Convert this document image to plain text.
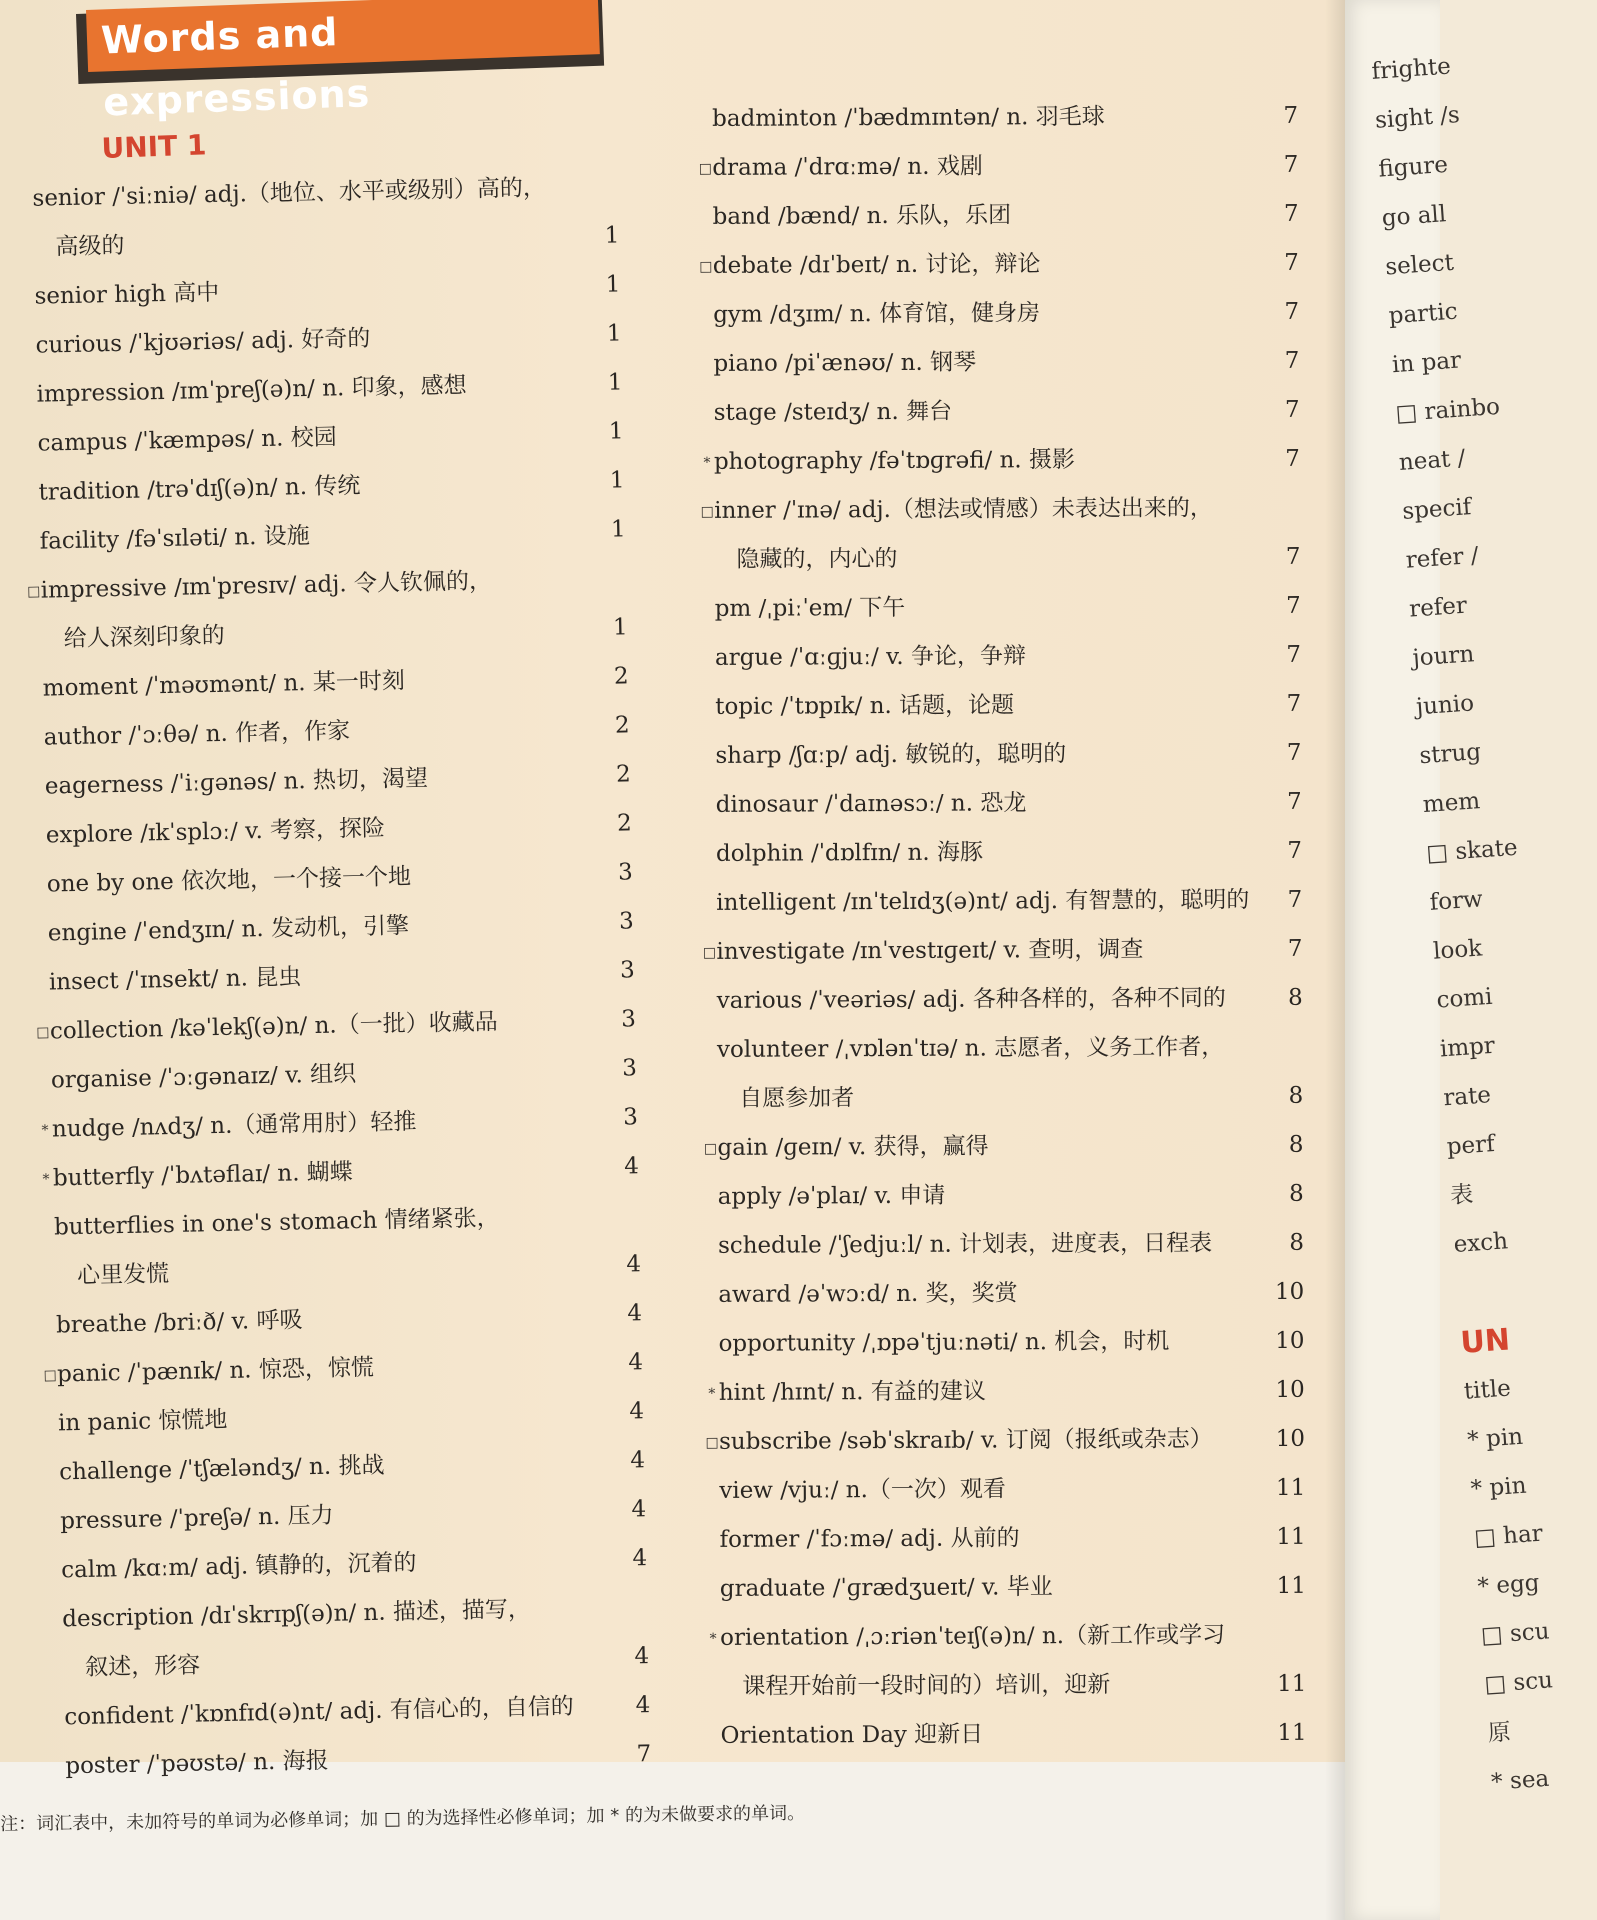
Words and expressions
UNIT 1
senior /ˈsiːniə/ adj.（地位、水平或级别）高的，
高级的	1
senior high 高中	1
curious /ˈkjʊəriəs/ adj. 好奇的	1
impression /ɪmˈpreʃ(ə)n/ n. 印象，感想	1
campus /ˈkæmpəs/ n. 校园	1
tradition /trəˈdɪʃ(ə)n/ n. 传统	1
facility /fəˈsɪləti/ n. 设施	1
□impressive /ɪmˈpresɪv/ adj. 令人钦佩的，
给人深刻印象的	1
moment /ˈməʊmənt/ n. 某一时刻	2
author /ˈɔːθə/ n. 作者，作家	2
eagerness /ˈiːɡənəs/ n. 热切，渴望	2
explore /ɪkˈsplɔː/ v. 考察，探险	2
one by one 依次地，一个接一个地	3
engine /ˈendʒɪn/ n. 发动机，引擎	3
insect /ˈɪnsekt/ n. 昆虫	3
□collection /kəˈlekʃ(ə)n/ n.（一批）收藏品	3
organise /ˈɔːɡənaɪz/ v. 组织	3
* nudge /nʌdʒ/ n.（通常用肘）轻推	3
* butterfly /ˈbʌtəflaɪ/ n. 蝴蝶	4
butterflies in one's stomach 情绪紧张，
心里发慌	4
breathe /briːð/ v. 呼吸	4
□panic /ˈpænɪk/ n. 惊恐，惊慌	4
in panic 惊慌地	4
challenge /ˈtʃæləndʒ/ n. 挑战	4
pressure /ˈpreʃə/ n. 压力	4
calm /kɑːm/ adj. 镇静的，沉着的	4
description /dɪˈskrɪpʃ(ə)n/ n. 描述，描写，
叙述，形容	4
confident /ˈkɒnfɪd(ə)nt/ adj. 有信心的，自信的	4
poster /ˈpəʊstə/ n. 海报	7
badminton /ˈbædmɪntən/ n. 羽毛球	7
□drama /ˈdrɑːmə/ n. 戏剧	7
band /bænd/ n. 乐队，乐团	7
□debate /dɪˈbeɪt/ n. 讨论，辩论	7
gym /dʒɪm/ n. 体育馆，健身房	7
piano /piˈænəʊ/ n. 钢琴	7
stage /steɪdʒ/ n. 舞台	7
* photography /fəˈtɒɡrəfi/ n. 摄影	7
□inner /ˈɪnə/ adj.（想法或情感）未表达出来的，
隐藏的，内心的	7
pm /ˌpiːˈem/ 下午	7
argue /ˈɑːɡjuː/ v. 争论，争辩	7
topic /ˈtɒpɪk/ n. 话题，论题	7
sharp /ʃɑːp/ adj. 敏锐的，聪明的	7
dinosaur /ˈdaɪnəsɔː/ n. 恐龙	7
dolphin /ˈdɒlfɪn/ n. 海豚	7
intelligent /ɪnˈtelɪdʒ(ə)nt/ adj. 有智慧的，聪明的	7
□investigate /ɪnˈvestɪɡeɪt/ v. 查明，调查	7
various /ˈveəriəs/ adj. 各种各样的，各种不同的	8
volunteer /ˌvɒlənˈtɪə/ n. 志愿者，义务工作者，
自愿参加者	8
□gain /ɡeɪn/ v. 获得，赢得	8
apply /əˈplaɪ/ v. 申请	8
schedule /ˈʃedjuːl/ n. 计划表，进度表，日程表	8
award /əˈwɔːd/ n. 奖，奖赏	10
opportunity /ˌɒpəˈtjuːnəti/ n. 机会，时机	10
* hint /hɪnt/ n. 有益的建议	10
□subscribe /səbˈskraɪb/ v. 订阅（报纸或杂志）	10
view /vjuː/ n.（一次）观看	11
former /ˈfɔːmə/ adj. 从前的	11
graduate /ˈɡrædʒueɪt/ v. 毕业	11
* orientation /ˌɔːriənˈteɪʃ(ə)n/ n.（新工作或学习
课程开始前一段时间的）培训，迎新	11
Orientation Day 迎新日	11
注：词汇表中，未加符号的单词为必修单词；加 □ 的为选择性必修单词；加 * 的为未做要求的单词。
frighte
sight /s
figure
go all
select
partic
in par
□ rainbo
neat /
specif
refer /
refer
journ
junio
strug
mem
□ skate
forw
look
comi
impr
rate
perf
表
exch
UN
title
* pin
* pin
□ har
* egg
□ scu
□ scu
原
* sea
